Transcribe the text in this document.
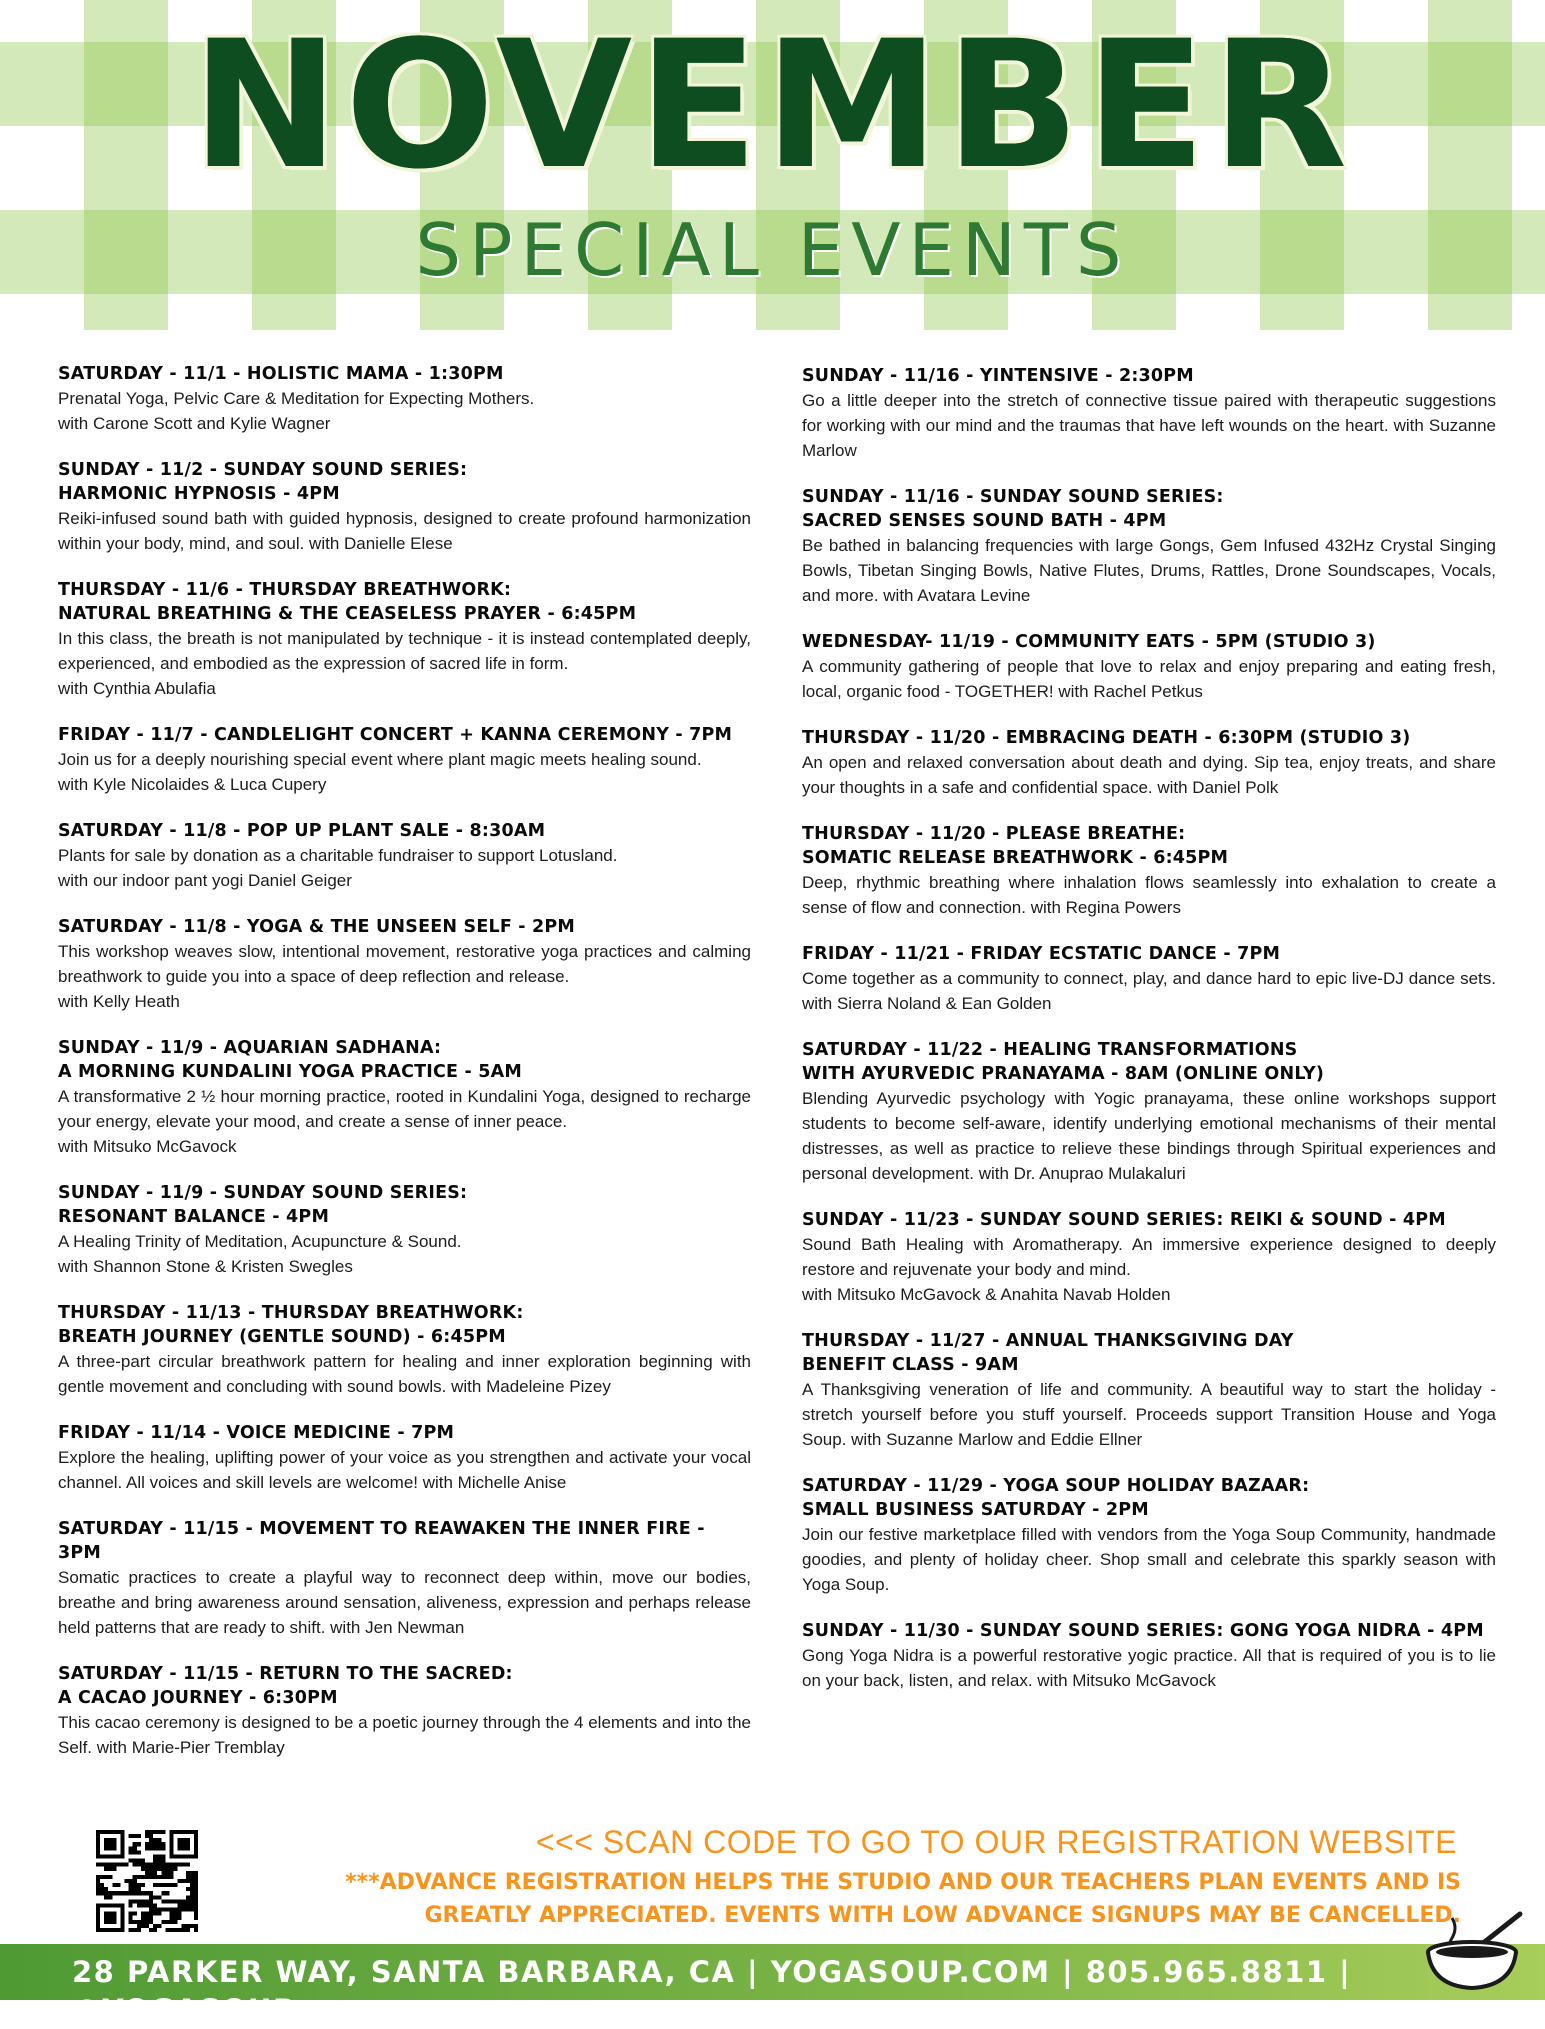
NOVEMBER
SPECIAL EVENTS
SATURDAY - 11/1 - HOLISTIC MAMA - 1:30PM
Prenatal Yoga, Pelvic Care & Meditation for Expecting Mothers.
with Carone Scott and Kylie Wagner
SUNDAY - 11/2 - SUNDAY SOUND SERIES:
HARMONIC HYPNOSIS - 4PM
Reiki-infused sound bath with guided hypnosis, designed to create profound harmonization within your body, mind, and soul. with Danielle Elese
THURSDAY - 11/6 - THURSDAY BREATHWORK:
NATURAL BREATHING & THE CEASELESS PRAYER - 6:45PM
In this class, the breath is not manipulated by technique - it is instead contemplated deeply, experienced, and embodied as the expression of sacred life in form.
with Cynthia Abulafia
FRIDAY - 11/7 - CANDLELIGHT CONCERT + KANNA CEREMONY - 7PM
Join us for a deeply nourishing special event where plant magic meets healing sound.
with Kyle Nicolaides & Luca Cupery
SATURDAY - 11/8 - POP UP PLANT SALE - 8:30AM
Plants for sale by donation as a charitable fundraiser to support Lotusland.
with our indoor pant yogi Daniel Geiger
SATURDAY - 11/8 - YOGA & THE UNSEEN SELF - 2PM
This workshop weaves slow, intentional movement, restorative yoga practices and calming breathwork to guide you into a space of deep reflection and release.
with Kelly Heath
SUNDAY - 11/9 - AQUARIAN SADHANA:
A MORNING KUNDALINI YOGA PRACTICE - 5AM
A transformative 2 ½ hour morning practice, rooted in Kundalini Yoga, designed to recharge your energy, elevate your mood, and create a sense of inner peace.
with Mitsuko McGavock
SUNDAY - 11/9 - SUNDAY SOUND SERIES:
RESONANT BALANCE - 4PM
A Healing Trinity of Meditation, Acupuncture & Sound.
with Shannon Stone & Kristen Swegles
THURSDAY - 11/13 - THURSDAY BREATHWORK:
BREATH JOURNEY (GENTLE SOUND) - 6:45PM
A three-part circular breathwork pattern for healing and inner exploration beginning with gentle movement and concluding with sound bowls. with Madeleine Pizey
FRIDAY - 11/14 - VOICE MEDICINE - 7PM
Explore the healing, uplifting power of your voice as you strengthen and activate your vocal channel. All voices and skill levels are welcome! with Michelle Anise
SATURDAY - 11/15 - MOVEMENT TO REAWAKEN THE INNER FIRE - 3PM
Somatic practices to create a playful way to reconnect deep within, move our bodies, breathe and bring awareness around sensation, aliveness, expression and perhaps release held patterns that are ready to shift. with Jen Newman
SATURDAY - 11/15 - RETURN TO THE SACRED:
A CACAO JOURNEY - 6:30PM
This cacao ceremony is designed to be a poetic journey through the 4 elements and into the Self. with Marie-Pier Tremblay
SUNDAY - 11/16 - YINTENSIVE - 2:30PM
Go a little deeper into the stretch of connective tissue paired with therapeutic suggestions for working with our mind and the traumas that have left wounds on the heart. with Suzanne Marlow
SUNDAY - 11/16 - SUNDAY SOUND SERIES:
SACRED SENSES SOUND BATH - 4PM
Be bathed in balancing frequencies with large Gongs, Gem Infused 432Hz Crystal Singing Bowls, Tibetan Singing Bowls, Native Flutes, Drums, Rattles, Drone Soundscapes, Vocals, and more. with Avatara Levine
WEDNESDAY- 11/19 - COMMUNITY EATS - 5PM (STUDIO 3)
A community gathering of people that love to relax and enjoy preparing and eating fresh, local, organic food - TOGETHER! with Rachel Petkus
THURSDAY - 11/20 - EMBRACING DEATH - 6:30PM (STUDIO 3)
An open and relaxed conversation about death and dying. Sip tea, enjoy treats, and share your thoughts in a safe and confidential space. with Daniel Polk
THURSDAY - 11/20 - PLEASE BREATHE:
SOMATIC RELEASE BREATHWORK - 6:45PM
Deep, rhythmic breathing where inhalation flows seamlessly into exhalation to create a sense of flow and connection. with Regina Powers
FRIDAY - 11/21 - FRIDAY ECSTATIC DANCE - 7PM
Come together as a community to connect, play, and dance hard to epic live-DJ dance sets. with Sierra Noland & Ean Golden
SATURDAY - 11/22 - HEALING TRANSFORMATIONS
WITH AYURVEDIC PRANAYAMA - 8AM (ONLINE ONLY)
Blending Ayurvedic psychology with Yogic pranayama, these online workshops support students to become self-aware, identify underlying emotional mechanisms of their mental distresses, as well as practice to relieve these bindings through Spiritual experiences and personal development. with Dr. Anuprao Mulakaluri
SUNDAY - 11/23 - SUNDAY SOUND SERIES: REIKI & SOUND - 4PM
Sound Bath Healing with Aromatherapy. An immersive experience designed to deeply restore and rejuvenate your body and mind.
with Mitsuko McGavock & Anahita Navab Holden
THURSDAY - 11/27 - ANNUAL THANKSGIVING DAY
BENEFIT CLASS - 9AM
A Thanksgiving veneration of life and community. A beautiful way to start the holiday - stretch yourself before you stuff yourself. Proceeds support Transition House and Yoga Soup. with Suzanne Marlow and Eddie Ellner
SATURDAY - 11/29 - YOGA SOUP HOLIDAY BAZAAR:
SMALL BUSINESS SATURDAY - 2PM
Join our festive marketplace filled with vendors from the Yoga Soup Community, handmade goodies, and plenty of holiday cheer. Shop small and celebrate this sparkly season with Yoga Soup.
SUNDAY - 11/30 - SUNDAY SOUND SERIES: GONG YOGA NIDRA - 4PM
Gong Yoga Nidra is a powerful restorative yogic practice. All that is required of you is to lie on your back, listen, and relax. with Mitsuko McGavock
<<< SCAN CODE TO GO TO OUR REGISTRATION WEBSITE
***ADVANCE REGISTRATION HELPS THE STUDIO AND OUR TEACHERS PLAN EVENTS AND IS
GREATLY APPRECIATED. EVENTS WITH LOW ADVANCE SIGNUPS MAY BE CANCELLED.
28 PARKER WAY, SANTA BARBARA, CA | YOGASOUP.COM | 805.965.8811 | @YOGASOUP
